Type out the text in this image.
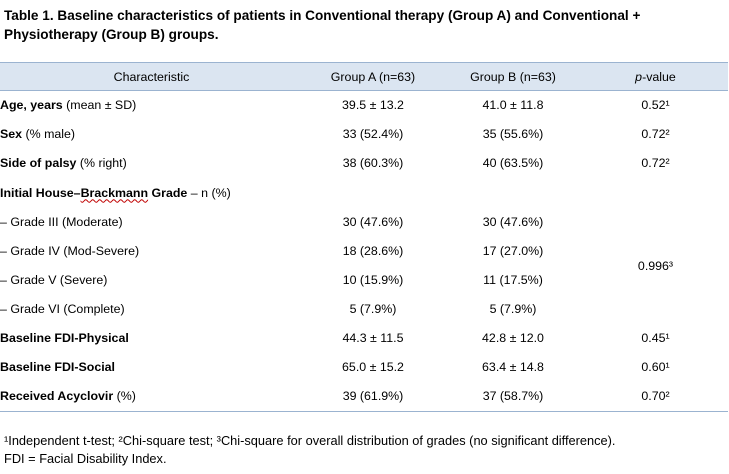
Table 1. Baseline characteristics of patients in Conventional therapy (Group A) and Conventional + Physiotherapy (Group B) groups.
Characteristic	Group A (n=63)	Group B (n=63)	p-value
Age, years (mean ± SD)	39.5 ± 13.2	41.0 ± 11.8	0.52¹
Sex (% male)	33 (52.4%)	35 (55.6%)	0.72²
Side of palsy (% right)	38 (60.3%)	40 (63.5%)	0.72²
Initial House–Brackmann Grade – n (%)			
– Grade III (Moderate)	30 (47.6%)	30 (47.6%)	
– Grade IV (Mod-Severe)	18 (28.6%)	17 (27.0%)	0.996³
– Grade V (Severe)	10 (15.9%)	11 (17.5%)	
– Grade VI (Complete)	5 (7.9%)	5 (7.9%)	
Baseline FDI-Physical	44.3 ± 11.5	42.8 ± 12.0	0.45¹
Baseline FDI-Social	65.0 ± 15.2	63.4 ± 14.8	0.60¹
Received Acyclovir (%)	39 (61.9%)	37 (58.7%)	0.70²
¹Independent t-test; ²Chi-square test; ³Chi-square for overall distribution of grades (no significant difference).
FDI = Facial Disability Index.
